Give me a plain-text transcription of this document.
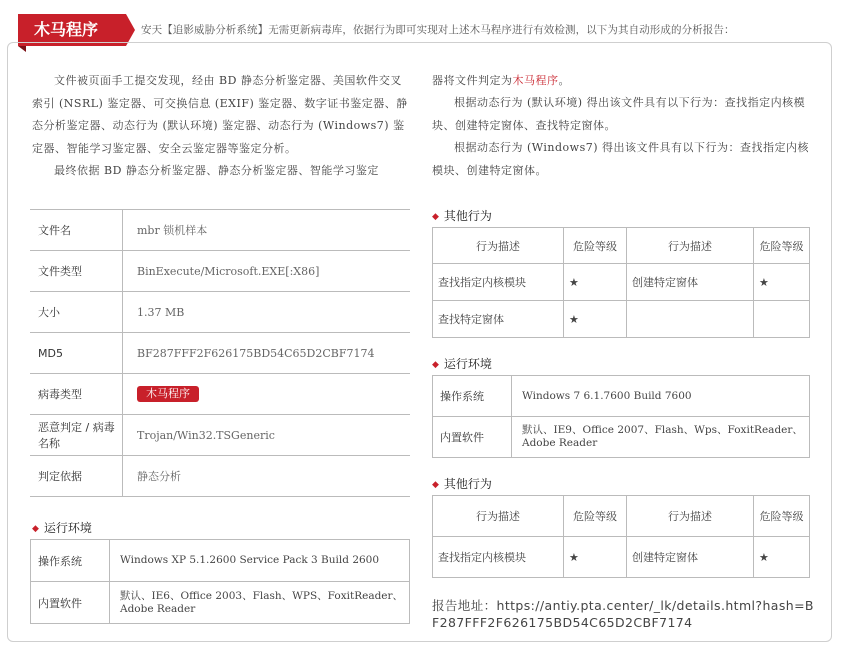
木马程序	安天【追影威胁分析系统】无需更新病毒库，依据行为即可实现对上述木马程序进行有效检测，以下为其自动形成的分析报告：
文件被页面手工提交发现，经由 BD 静态分析鉴定器、美国软件交叉索引 (NSRL) 鉴定器、可交换信息 (EXIF) 鉴定器、数字证书鉴定器、静态分析鉴定器、动态行为 (默认环境) 鉴定器、动态行为 (Windows7) 鉴定器、智能学习鉴定器、安全云鉴定器等鉴定分析。
最终依据 BD 静态分析鉴定器、静态分析鉴定器、智能学习鉴定
器将文件判定为木马程序。
根据动态行为 (默认环境) 得出该文件具有以下行为：查找指定内核模块、创建特定窗体、查找特定窗体。
根据动态行为 (Windows7) 得出该文件具有以下行为：查找指定内核模块、创建特定窗体。
文件名	mbr 锁机样本
文件类型	BinExecute/Microsoft.EXE[:X86]
大小	1.37 MB
MD5	BF287FFF2F626175BD54C65D2CBF7174
病毒类型	木马程序
恶意判定 / 病毒名称	Trojan/Win32.TSGeneric
判定依据	静态分析
◆ 运行环境
操作系统	Windows XP 5.1.2600 Service Pack 3 Build 2600
内置软件	默认、IE6、Office 2003、Flash、WPS、FoxitReader、Adobe Reader
◆ 其他行为
行为描述	危险等级	行为描述	危险等级
查找指定内核模块	★	创建特定窗体	★
查找特定窗体	★		
◆ 运行环境
操作系统	Windows 7 6.1.7600 Build 7600
内置软件	默认、IE9、Office 2007、Flash、Wps、FoxitReader、Adobe Reader
◆ 其他行为
行为描述	危险等级	行为描述	危险等级
查找指定内核模块	★	创建特定窗体	★
报告地址：https://antiy.pta.center/_lk/details.html?hash=BF287FFF2F626175BD54C65D2CBF7174
